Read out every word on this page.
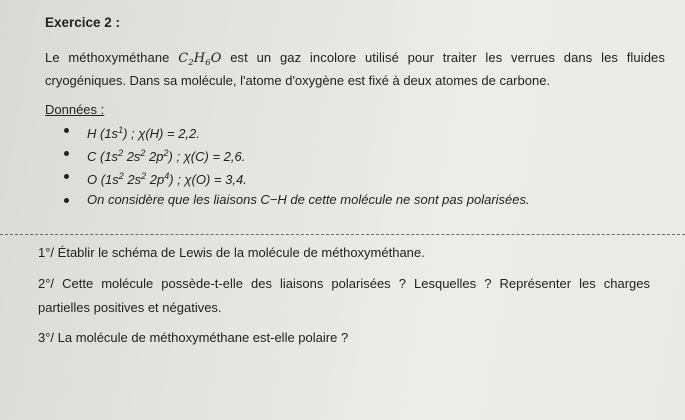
Exercice 2 :
Le méthoxyméthane $C_2H_6O$ est un gaz incolore utilisé pour traiter les verrues dans les fluides
cryogéniques. Dans sa molécule, l'atome d'oxygène est fixé à deux atomes de carbone.
Données :
H $(1s^1)$ ; χ(H) = 2,2.
C ($1s^2$ $2s^2$ $2p^2$) ; χ(C) = 2,6.
O ($1s^2$ $2s^2$ $2p^4$) ; χ(O) = 3,4.
On considère que les liaisons C−H de cette molécule ne sont pas polarisées.
1°/ Établir le schéma de Lewis de la molécule de méthoxyméthane.
2°/ Cette molécule possède-t-elle des liaisons polarisées ? Lesquelles ? Représenter les charges
partielles positives et négatives.
3°/ La molécule de méthoxyméthane est-elle polaire ?
